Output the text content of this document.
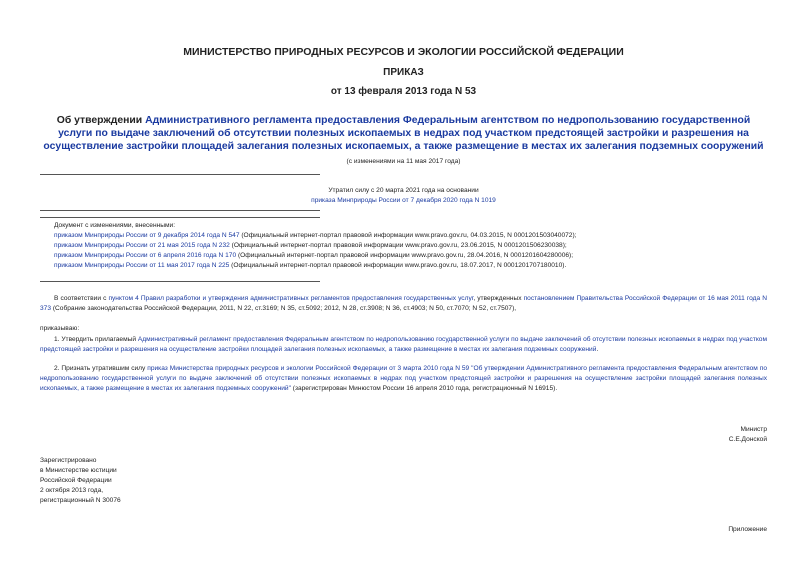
МИНИСТЕРСТВО ПРИРОДНЫХ РЕСУРСОВ И ЭКОЛОГИИ РОССИЙСКОЙ ФЕДЕРАЦИИ
ПРИКАЗ
от 13 февраля 2013 года N 53
Об утверждении Административного регламента предоставления Федеральным агентством по недропользованию государственной услуги по выдаче заключений об отсутствии полезных ископаемых в недрах под участком предстоящей застройки и разрешения на осуществление застройки площадей залегания полезных ископаемых, а также размещение в местах их залегания подземных сооружений
(с изменениями на 11 мая 2017 года)
Утратил силу с 20 марта 2021 года на основании
приказа Минприроды России от 7 декабря 2020 года N 1019

Документ с изменениями, внесенными:

приказом Минприроды России от 9 декабря 2014 года N 547 (Официальный интернет-портал правовой информации www.pravo.gov.ru, 04.03.2015, N 0001201503040072);

приказом Минприроды России от 21 мая 2015 года N 232 (Официальный интернет-портал правовой информации www.pravo.gov.ru, 23.06.2015, N 0001201506230038);

приказом Минприроды России от 6 апреля 2016 года N 170 (Официальный интернет-портал правовой информации www.pravo.gov.ru, 28.04.2016, N 0001201604280006);

приказом Минприроды России от 11 мая 2017 года N 225 (Официальный интернет-портал правовой информации www.pravo.gov.ru, 18.07.2017, N 0001201707180010).

В соответствии с пунктом 4 Правил разработки и утверждения административных регламентов предоставления государственных услуг, утвержденных постановлением Правительства Российской Федерации от 16 мая 2011 года N 373 (Собрание законодательства Российской Федерации, 2011, N 22, ст.3169; N 35, ст.5092; 2012, N 28, ст.3908; N 36, ст.4903; N 50, ст.7070; N 52, ст.7507),
приказываю:
1. Утвердить прилагаемый Административный регламент предоставления Федеральным агентством по недропользованию государственной услуги по выдаче заключений об отсутствии полезных ископаемых в недрах под участком предстоящей застройки и разрешения на осуществление застройки площадей залегания полезных ископаемых, а также размещение в местах их залегания подземных сооружений.
2. Признать утратившим силу приказ Министерства природных ресурсов и экологии Российской Федерации от 3 марта 2010 года N 59 "Об утверждении Административного регламента предоставления Федеральным агентством по недропользованию государственной услуги по выдаче заключений об отсутствии полезных ископаемых в недрах под участком предстоящей застройки и разрешения на осуществление застройки площадей залегания полезных ископаемых, а также размещение в местах их залегания подземных сооружений" (зарегистрирован Минюстом России 16 апреля 2010 года, регистрационный N 16915).

Министр

С.Е.Донской

Зарегистрировано

в Министерстве юстиции

Российской Федерации

2 октября 2013 года,

регистрационный N 30076

Приложение
